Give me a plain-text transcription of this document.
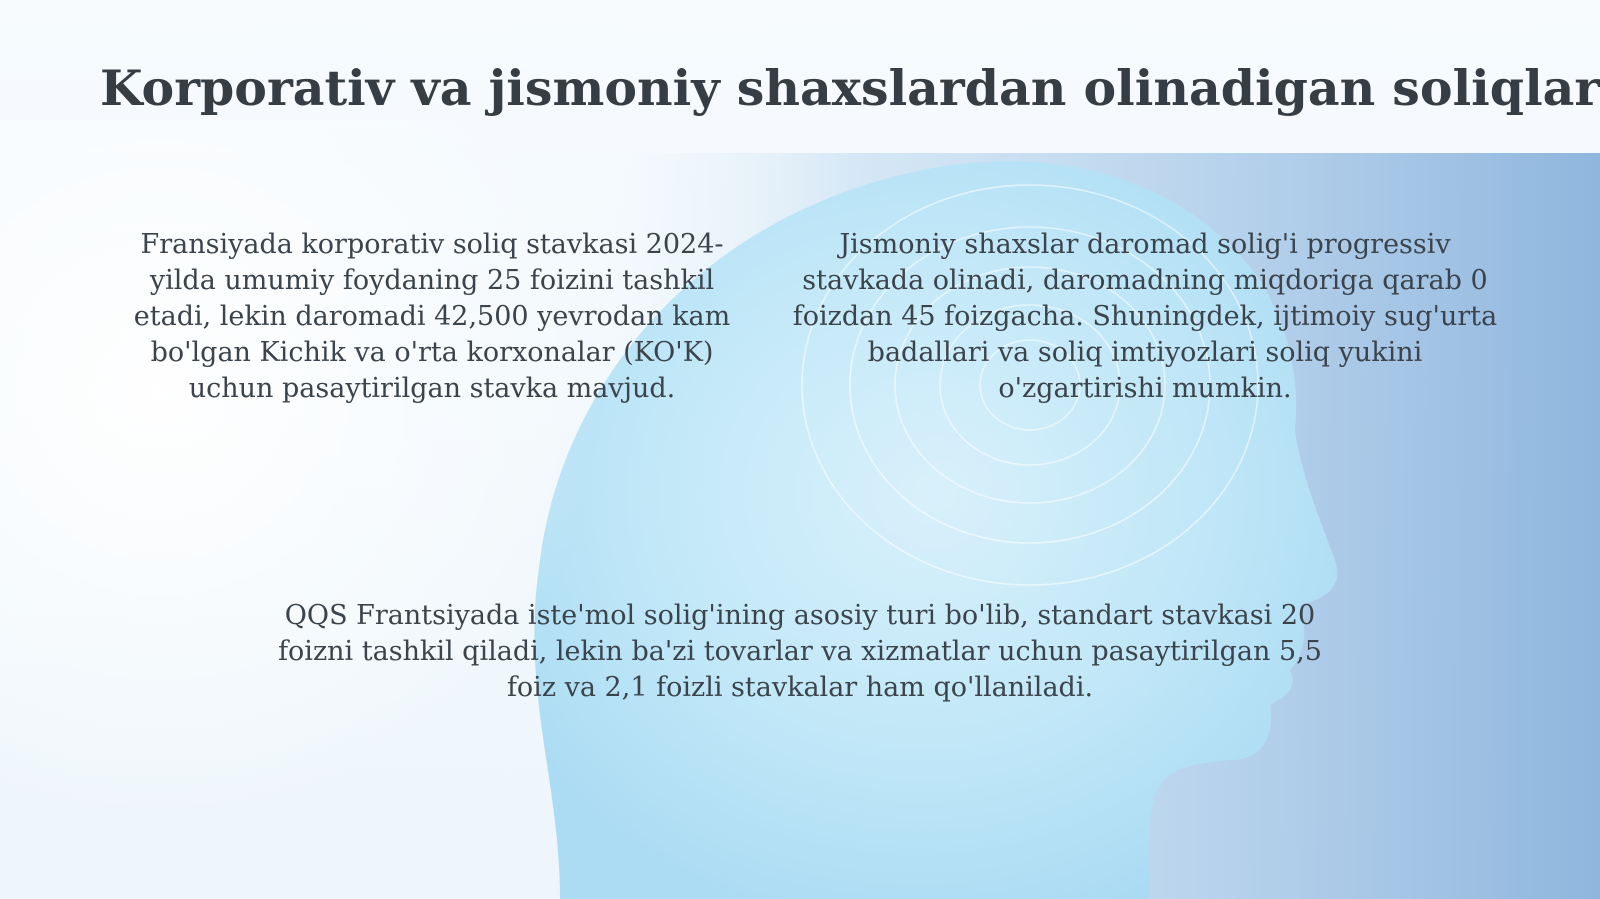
Korporativ va jismoniy shaxslardan olinadigan soliqlar

Fransiyada korporativ soliq stavkasi 2024-yilda umumiy foydaning 25 foizini tashkil etadi, lekin daromadi 42,500 yevrodan kam bo'lgan Kichik va o'rta korxonalar (KO'K) uchun pasaytirilgan stavka mavjud.

Jismoniy shaxslar daromad solig'i progressiv stavkada olinadi, daromadning miqdoriga qarab 0 foizdan 45 foizgacha. Shuningdek, ijtimoiy sug'urta badallari va soliq imtiyozlari soliq yukini o'zgartirishi mumkin.

QQS Frantsiyada iste'mol solig'ining asosiy turi bo'lib, standart stavkasi 20 foizni tashkil qiladi, lekin ba'zi tovarlar va xizmatlar uchun pasaytirilgan 5,5 foiz va 2,1 foizli stavkalar ham qo'llaniladi.
